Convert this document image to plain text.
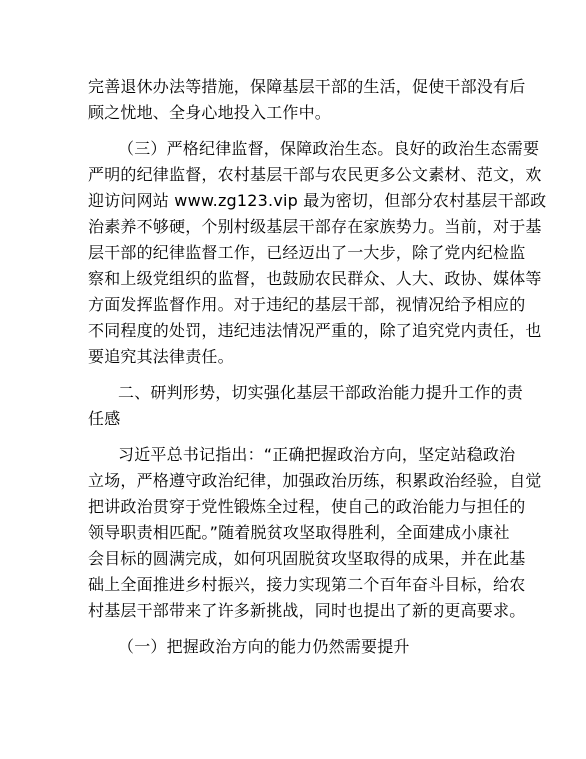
完善退休办法等措施，保障基层干部的生活，促使干部没有后
顾之忧地、全身心地投入工作中。
（三）严格纪律监督，保障政治生态。良好的政治生态需要
严明的纪律监督，农村基层干部与农民更多公文素材、范文，欢
迎访问网站 www.zg123.vip 最为密切，但部分农村基层干部政
治素养不够硬，个别村级基层干部存在家族势力。当前，对于基
层干部的纪律监督工作，已经迈出了一大步，除了党内纪检监
察和上级党组织的监督，也鼓励农民群众、人大、政协、媒体等
方面发挥监督作用。对于违纪的基层干部，视情况给予相应的
不同程度的处罚，违纪违法情况严重的，除了追究党内责任，也
要追究其法律责任。
二、研判形势，切实强化基层干部政治能力提升工作的责
任感
习近平总书记指出：“正确把握政治方向，坚定站稳政治
立场，严格遵守政治纪律，加强政治历练，积累政治经验，自觉
把讲政治贯穿于党性锻炼全过程，使自己的政治能力与担任的
领导职责相匹配。”随着脱贫攻坚取得胜利，全面建成小康社
会目标的圆满完成，如何巩固脱贫攻坚取得的成果，并在此基
础上全面推进乡村振兴，接力实现第二个百年奋斗目标，给农
村基层干部带来了许多新挑战，同时也提出了新的更高要求。
（一）把握政治方向的能力仍然需要提升
